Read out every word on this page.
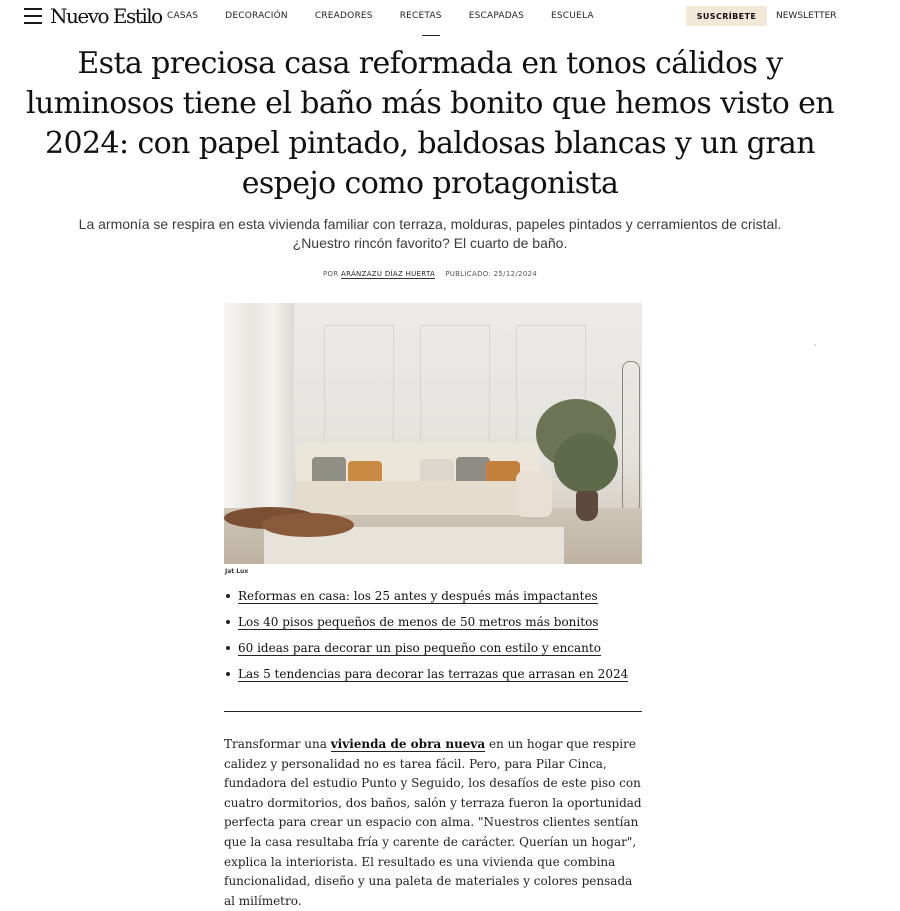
Nuevo Estilo CASAS	DECORACIÓN	CREADORES	RECETAS	ESCAPADAS	ESCUELA	SUSCRÍBETE	NEWSLETTER
Esta preciosa casa reformada en tonos cálidos y luminosos tiene el baño más bonito que hemos visto en 2024: con papel pintado, baldosas blancas y un gran espejo como protagonista

La armonía se respira en esta vivienda familiar con terraza, molduras, papeles pintados y cerramientos de cristal.
¿Nuestro rincón favorito? El cuarto de baño.

POR ARÁNZAZU DÍAZ HUERTA PUBLICADO: 25/12/2024
Jat Lux
Reformas en casa: los 25 antes y después más impactantes
Los 40 pisos pequeños de menos de 50 metros más bonitos
60 ideas para decorar un piso pequeño con estilo y encanto
Las 5 tendencias para decorar las terrazas que arrasan en 2024

Transformar una vivienda de obra nueva en un hogar que respire calidez y personalidad no es tarea fácil. Pero, para Pilar Cinca, fundadora del estudio Punto y Seguido, los desafíos de este piso con cuatro dormitorios, dos baños, salón y terraza fueron la oportunidad perfecta para crear un espacio con alma. "Nuestros clientes sentían que la casa resultaba fría y carente de carácter. Querían un hogar", explica la interiorista. El resultado es una vivienda que combina funcionalidad, diseño y una paleta de materiales y colores pensada al milímetro.
